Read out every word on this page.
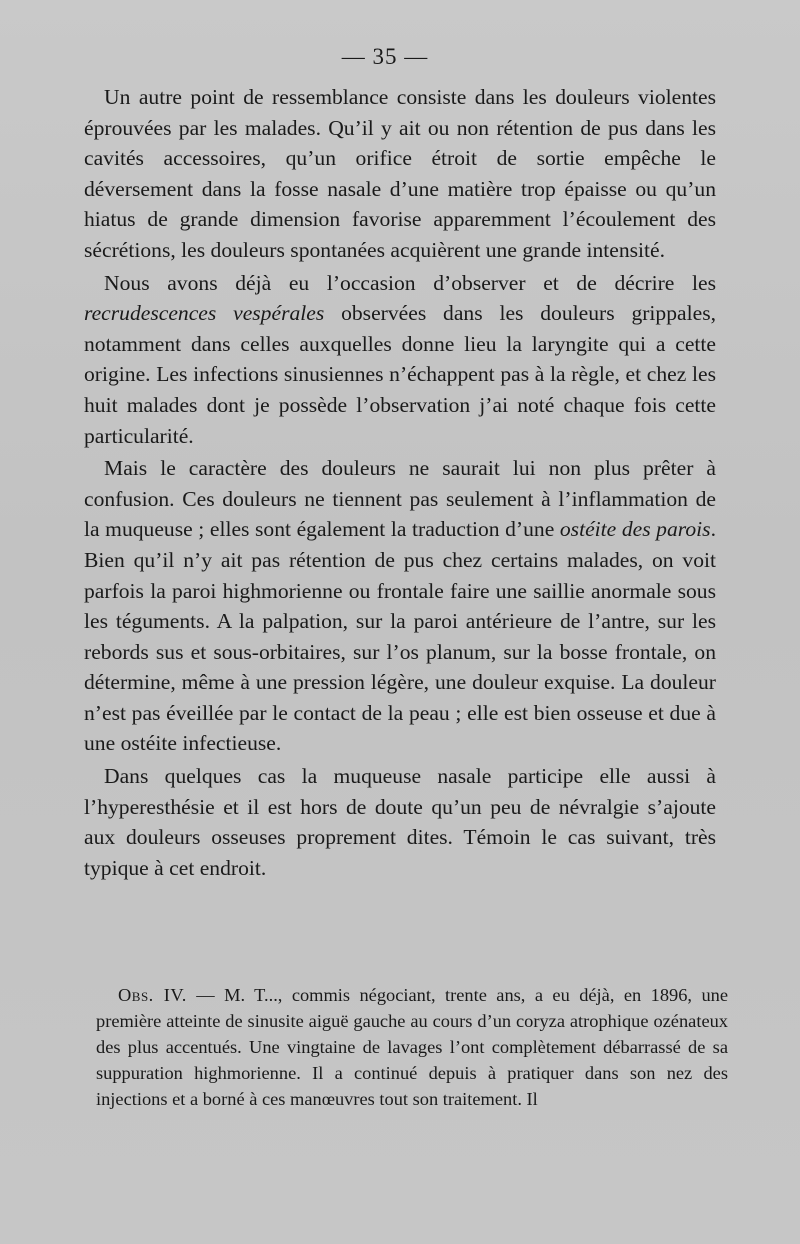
— 35 —

Un autre point de ressemblance consiste dans les douleurs violentes éprouvées par les malades. Qu’il y ait ou non rétention de pus dans les cavités accessoires, qu’un orifice étroit de sortie empêche le déversement dans la fosse nasale d’une matière trop épaisse ou qu’un hiatus de grande dimension favorise apparemment l’écoulement des sécrétions, les douleurs spontanées acquièrent une grande intensité.

Nous avons déjà eu l’occasion d’observer et de décrire les recrudescences vespérales observées dans les douleurs grippales, notamment dans celles auxquelles donne lieu la laryngite qui a cette origine. Les infections sinusiennes n’échappent pas à la règle, et chez les huit malades dont je possède l’observation j’ai noté chaque fois cette particularité.

Mais le caractère des douleurs ne saurait lui non plus prêter à confusion. Ces douleurs ne tiennent pas seulement à l’inflammation de la muqueuse ; elles sont également la traduction d’une ostéite des parois. Bien qu’il n’y ait pas rétention de pus chez certains malades, on voit parfois la paroi highmorienne ou frontale faire une saillie anormale sous les téguments. A la palpation, sur la paroi antérieure de l’antre, sur les rebords sus et sous-orbitaires, sur l’os planum, sur la bosse frontale, on détermine, même à une pression légère, une douleur exquise. La douleur n’est pas éveillée par le contact de la peau ; elle est bien osseuse et due à une ostéite infectieuse.

Dans quelques cas la muqueuse nasale participe elle aussi à l’hyperesthésie et il est hors de doute qu’un peu de névralgie s’ajoute aux douleurs osseuses proprement dites. Témoin le cas suivant, très typique à cet endroit.

Obs. IV. — M. T..., commis négociant, trente ans, a eu déjà, en 1896, une première atteinte de sinusite aiguë gauche au cours d’un coryza atrophique ozénateux des plus accentués. Une vingtaine de lavages l’ont complètement débarrassé de sa suppuration highmorienne. Il a continué depuis à pratiquer dans son nez des injections et a borné à ces manœuvres tout son traitement. Il
